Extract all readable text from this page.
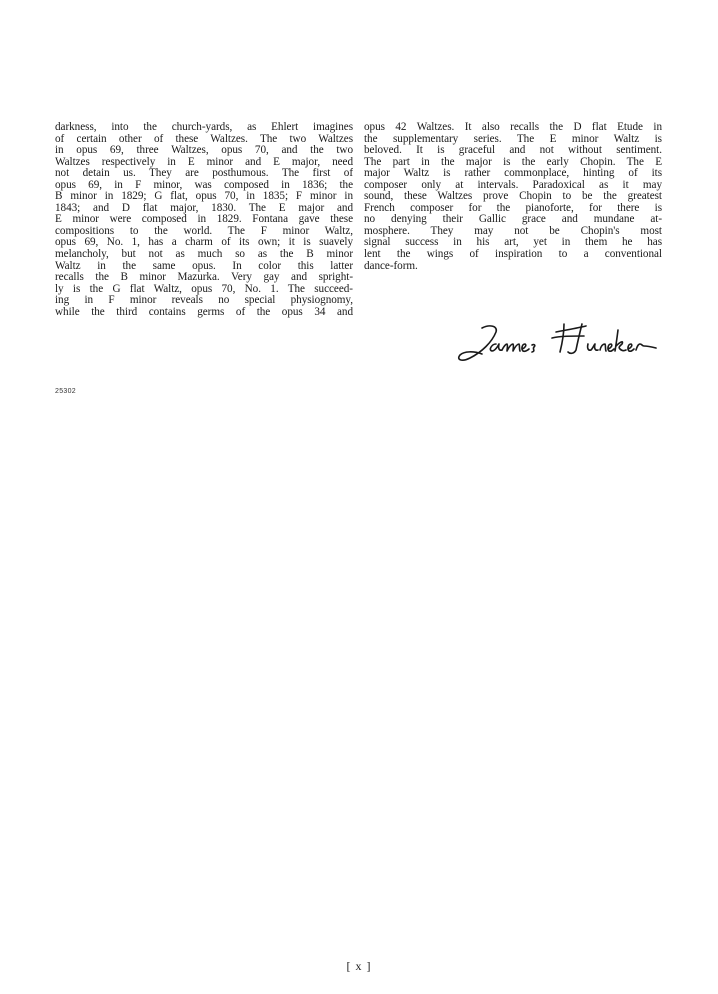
darkness, into the church-yards, as Ehlert imagines
of certain other of these Waltzes. The two Waltzes
in opus 69, three Waltzes, opus 70, and the two
Waltzes respectively in E minor and E major, need
not detain us. They are posthumous. The first of
opus 69, in F minor, was composed in 1836; the
B minor in 1829; G flat, opus 70, in 1835; F minor in
1843; and D flat major, 1830. The E major and
E minor were composed in 1829. Fontana gave these
compositions to the world. The F minor Waltz,
opus 69, No. 1, has a charm of its own; it is suavely
melancholy, but not as much so as the B minor
Waltz in the same opus. In color this latter
recalls the B minor Mazurka. Very gay and spright-
ly is the G flat Waltz, opus 70, No. 1. The succeed-
ing in F minor reveals no special physiognomy,
while the third contains germs of the opus 34 and
opus 42 Waltzes. It also recalls the D flat Étude in
the supplementary series. The E minor Waltz is
beloved. It is graceful and not without sentiment.
The part in the major is the early Chopin. The E
major Waltz is rather commonplace, hinting of its
composer only at intervals. Paradoxical as it may
sound, these Waltzes prove Chopin to be the greatest
French composer for the pianoforte, for there is
no denying their Gallic grace and mundane at-
mosphere. They may not be Chopin's most
signal success in his art, yet in them he has
lent the wings of inspiration to a conventional
dance-form.
25302
[ x ]
